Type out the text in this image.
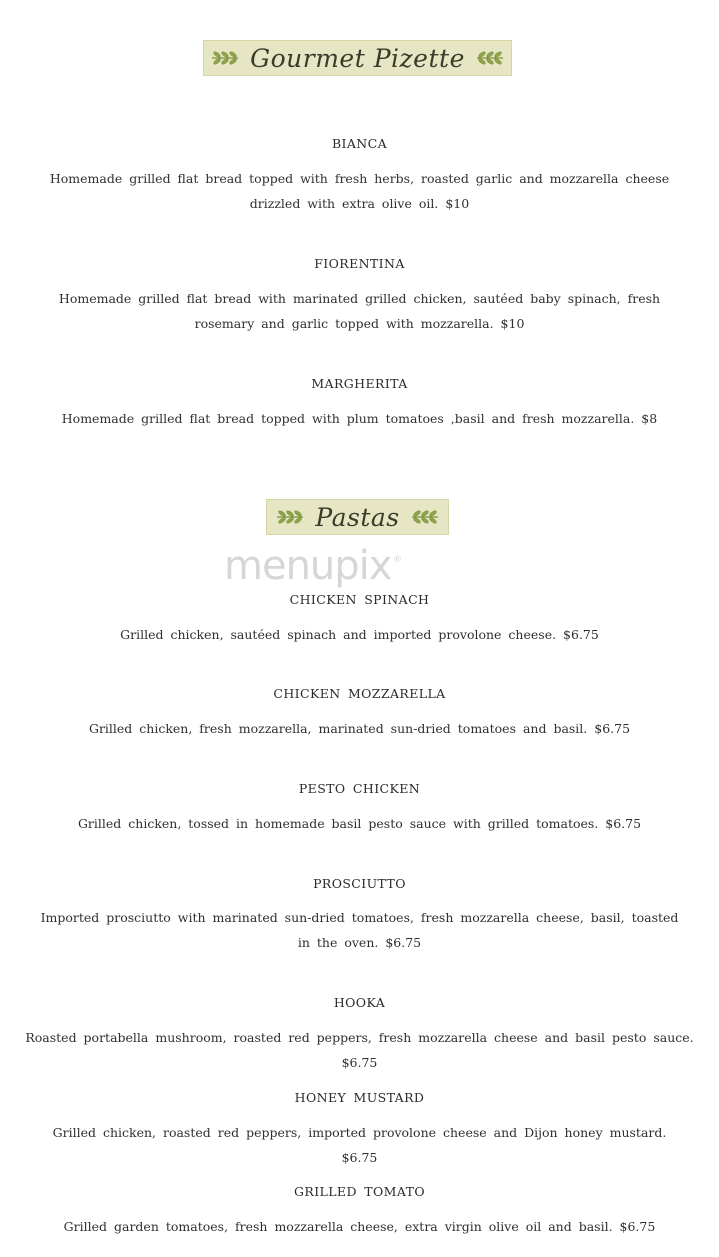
Gourmet Pizette
BIANCA
Homemade grilled flat bread topped with fresh herbs, roasted garlic and mozzarella cheese drizzled with extra olive oil. $10
FIORENTINA
Homemade grilled flat bread with marinated grilled chicken, sautéed baby spinach, fresh rosemary and garlic topped with mozzarella. $10
MARGHERITA
Homemade grilled flat bread topped with plum tomatoes ,basil and fresh mozzarella. $8
Pastas
menupix ®
CHICKEN SPINACH
Grilled chicken, sautéed spinach and imported provolone cheese. $6.75
CHICKEN MOZZARELLA
Grilled chicken, fresh mozzarella, marinated sun-dried tomatoes and basil. $6.75
PESTO CHICKEN
Grilled chicken, tossed in homemade basil pesto sauce with grilled tomatoes. $6.75
PROSCIUTTO
Imported prosciutto with marinated sun-dried tomatoes, fresh mozzarella cheese, basil, toasted in the oven. $6.75
HOOKA
Roasted portabella mushroom, roasted red peppers, fresh mozzarella cheese and basil pesto sauce. $6.75
HONEY MUSTARD
Grilled chicken, roasted red peppers, imported provolone cheese and Dijon honey mustard. $6.75
GRILLED TOMATO
Grilled garden tomatoes, fresh mozzarella cheese, extra virgin olive oil and basil. $6.75
